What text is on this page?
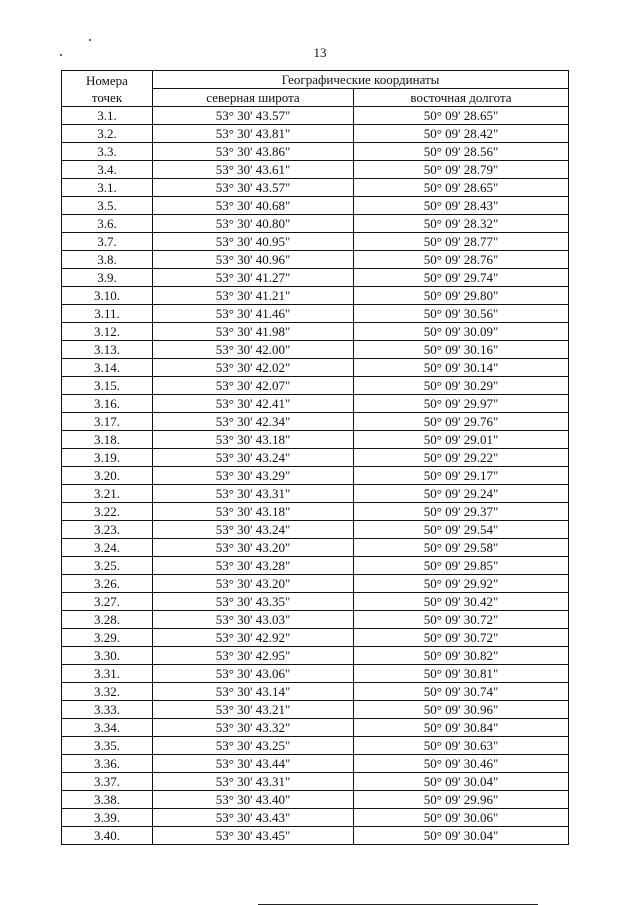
13
Номера
точек	Географические координаты	
	северная широта	восточная долгота
3.1.	53° 30' 43.57"	50° 09' 28.65"
3.2.	53° 30' 43.81"	50° 09' 28.42"
3.3.	53° 30' 43.86"	50° 09' 28.56"
3.4.	53° 30' 43.61"	50° 09' 28.79"
3.1.	53° 30' 43.57"	50° 09' 28.65"
3.5.	53° 30' 40.68"	50° 09' 28.43"
3.6.	53° 30' 40.80"	50° 09' 28.32"
3.7.	53° 30' 40.95"	50° 09' 28.77"
3.8.	53° 30' 40.96"	50° 09' 28.76"
3.9.	53° 30' 41.27"	50° 09' 29.74"
3.10.	53° 30' 41.21"	50° 09' 29.80"
3.11.	53° 30' 41.46"	50° 09' 30.56"
3.12.	53° 30' 41.98"	50° 09' 30.09"
3.13.	53° 30' 42.00"	50° 09' 30.16"
3.14.	53° 30' 42.02"	50° 09' 30.14"
3.15.	53° 30' 42.07"	50° 09' 30.29"
3.16.	53° 30' 42.41"	50° 09' 29.97"
3.17.	53° 30' 42.34"	50° 09' 29.76"
3.18.	53° 30' 43.18"	50° 09' 29.01"
3.19.	53° 30' 43.24"	50° 09' 29.22"
3.20.	53° 30' 43.29"	50° 09' 29.17"
3.21.	53° 30' 43.31"	50° 09' 29.24"
3.22.	53° 30' 43.18"	50° 09' 29.37"
3.23.	53° 30' 43.24"	50° 09' 29.54"
3.24.	53° 30' 43.20"	50° 09' 29.58"
3.25.	53° 30' 43.28"	50° 09' 29.85"
3.26.	53° 30' 43.20"	50° 09' 29.92"
3.27.	53° 30' 43.35"	50° 09' 30.42"
3.28.	53° 30' 43.03"	50° 09' 30.72"
3.29.	53° 30' 42.92"	50° 09' 30.72"
3.30.	53° 30' 42.95"	50° 09' 30.82"
3.31.	53° 30' 43.06"	50° 09' 30.81"
3.32.	53° 30' 43.14"	50° 09' 30.74"
3.33.	53° 30' 43.21"	50° 09' 30.96"
3.34.	53° 30' 43.32"	50° 09' 30.84"
3.35.	53° 30' 43.25"	50° 09' 30.63"
3.36.	53° 30' 43.44"	50° 09' 30.46"
3.37.	53° 30' 43.31"	50° 09' 30.04"
3.38.	53° 30' 43.40"	50° 09' 29.96"
3.39.	53° 30' 43.43"	50° 09' 30.06"
3.40.	53° 30' 43.45"	50° 09' 30.04"
